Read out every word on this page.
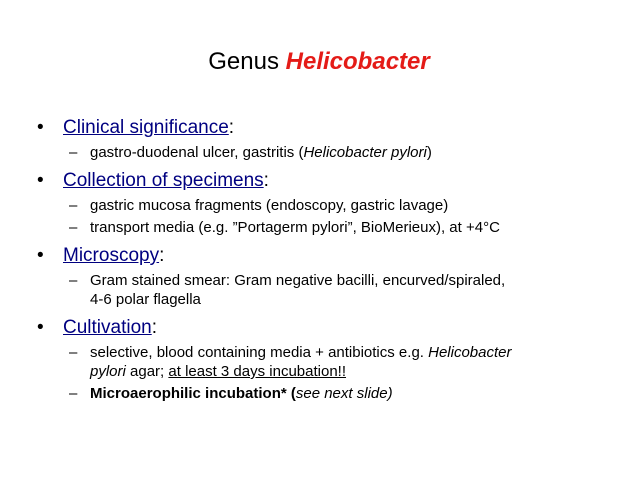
Genus Helicobacter
• Clinical significance:
– gastro-duodenal ulcer, gastritis (Helicobacter pylori)
• Collection of specimens:
– gastric mucosa fragments (endoscopy, gastric lavage)
– transport media (e.g. ”Portagerm pylori”, BioMerieux), at +4°C
• Microscopy:
– Gram stained smear: Gram negative bacilli, encurved/spiraled,
4-6 polar flagella
• Cultivation:
– selective, blood containing media + antibiotics e.g. Helicobacter
pylori agar; at least 3 days incubation!!
– Microaerophilic incubation* (see next slide)
